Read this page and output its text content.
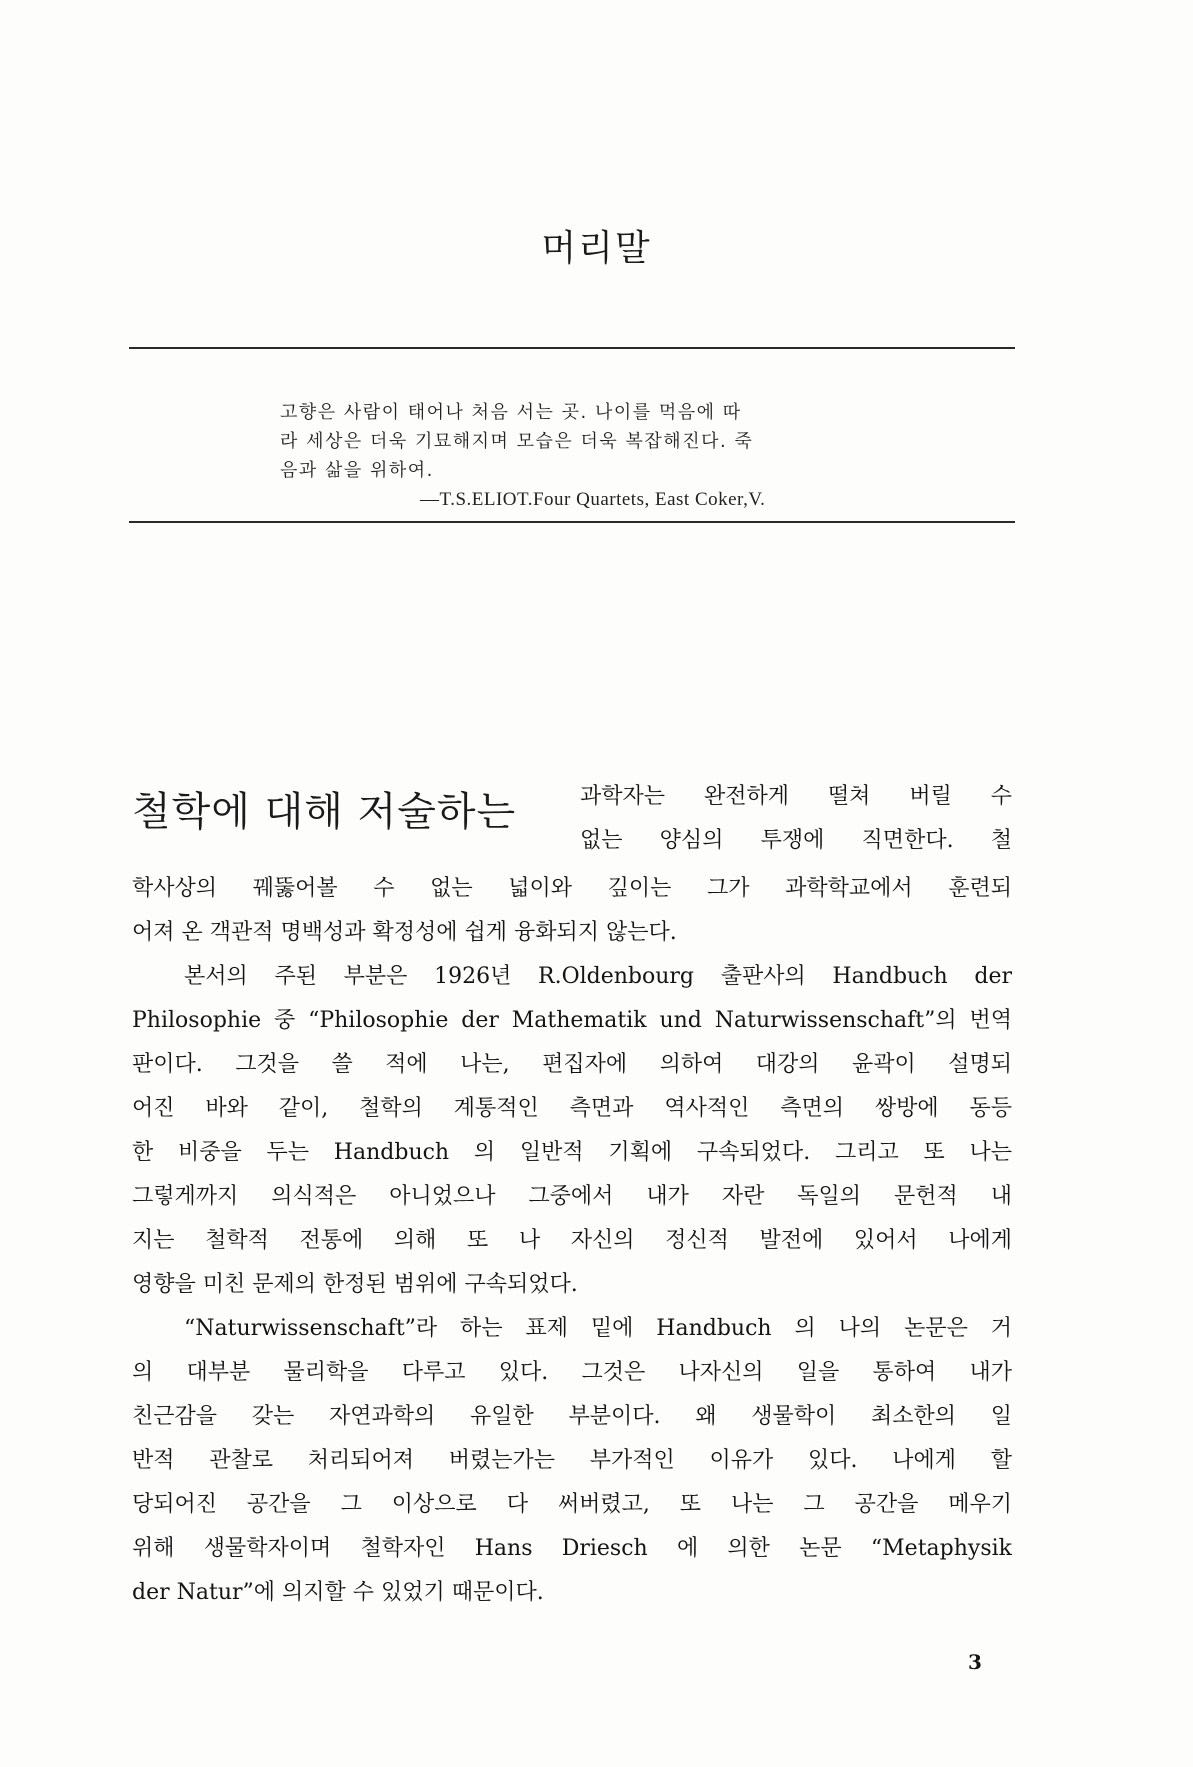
머리말
고향은 사람이 태어나 처음 서는 곳. 나이를 먹음에 따
라 세상은 더욱 기묘해지며 모습은 더욱 복잡해진다. 죽
음과 삶을 위하여.
—T.S.ELIOT.Four Quartets, East Coker,V.
철학에 대해 저술하는	과학자는 완전하게 떨쳐 버릴 수
없는 양심의 투쟁에 직면한다. 철
학사상의 꿰뚫어볼 수 없는 넓이와 깊이는 그가 과학학교에서 훈련되
어져 온 객관적 명백성과 확정성에 쉽게 융화되지 않는다.
본서의 주된 부분은 1926년 R.Oldenbourg 출판사의 Handbuch der
Philosophie 중 “Philosophie der Mathematik und Naturwissenschaft”의 번역
판이다. 그것을 쓸 적에 나는, 편집자에 의하여 대강의 윤곽이 설명되
어진 바와 같이, 철학의 계통적인 측면과 역사적인 측면의 쌍방에 동등
한 비중을 두는 Handbuch 의 일반적 기획에 구속되었다. 그리고 또 나는
그렇게까지 의식적은 아니었으나 그중에서 내가 자란 독일의 문헌적 내
지는 철학적 전통에 의해 또 나 자신의 정신적 발전에 있어서 나에게
영향을 미친 문제의 한정된 범위에 구속되었다.
“Naturwissenschaft”라 하는 표제 밑에 Handbuch 의 나의 논문은 거
의 대부분 물리학을 다루고 있다. 그것은 나자신의 일을 통하여 내가
친근감을 갖는 자연과학의 유일한 부분이다. 왜 생물학이 최소한의 일
반적 관찰로 처리되어져 버렸는가는 부가적인 이유가 있다. 나에게 할
당되어진 공간을 그 이상으로 다 써버렸고, 또 나는 그 공간을 메우기
위해 생물학자이며 철학자인 Hans Driesch 에 의한 논문 “Metaphysik
der Natur”에 의지할 수 있었기 때문이다.
3
